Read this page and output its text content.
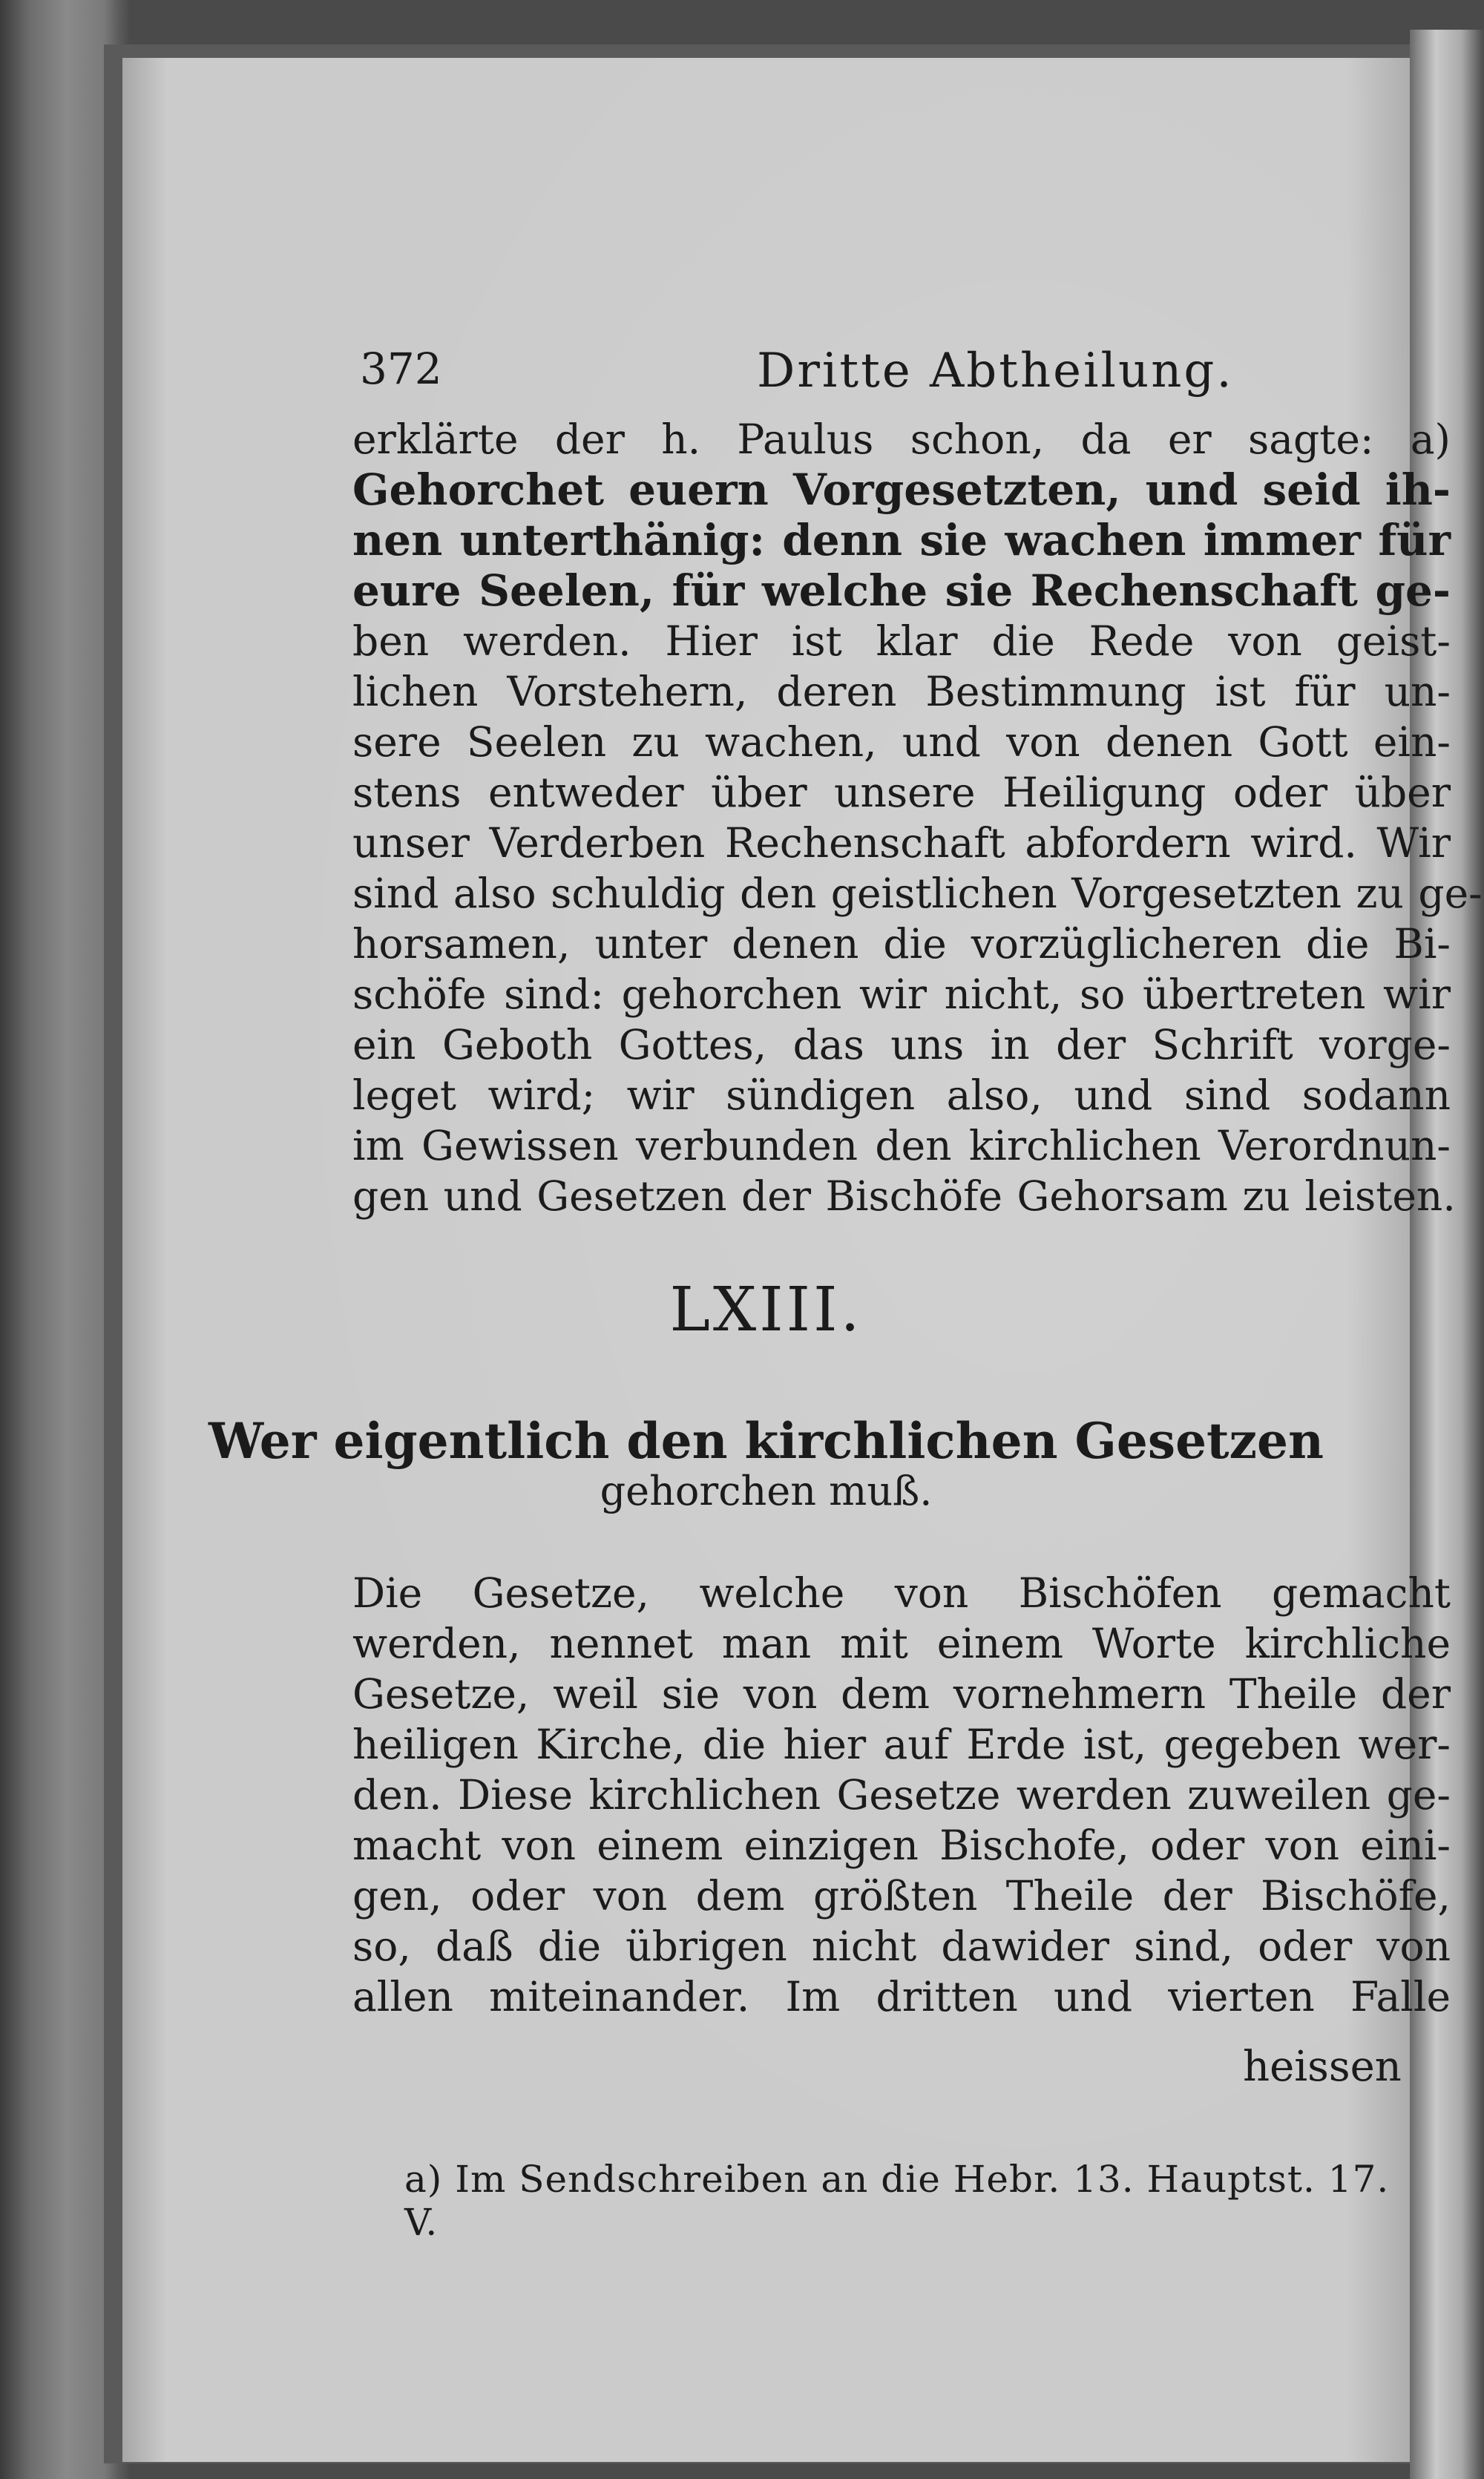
372	Dritte Abtheilung.
erklärte der h. Paulus schon, da er sagte: a)
Gehorchet euern Vorgesetzten, und seid ih-
nen unterthänig: denn sie wachen immer für
eure Seelen, für welche sie Rechenschaft ge-
ben werden. Hier ist klar die Rede von geist-
lichen Vorstehern, deren Bestimmung ist für un-
sere Seelen zu wachen, und von denen Gott ein-
stens entweder über unsere Heiligung oder über
unser Verderben Rechenschaft abfordern wird. Wir
sind also schuldig den geistlichen Vorgesetzten zu ge-
horsamen, unter denen die vorzüglicheren die Bi-
schöfe sind: gehorchen wir nicht, so übertreten wir
ein Geboth Gottes, das uns in der Schrift vorge-
leget wird; wir sündigen also, und sind sodann
im Gewissen verbunden den kirchlichen Verordnun-
gen und Gesetzen der Bischöfe Gehorsam zu leisten.
LXIII.
Wer eigentlich den kirchlichen Gesetzen
gehorchen muß.
Die Gesetze, welche von Bischöfen gemacht
werden, nennet man mit einem Worte kirchliche
Gesetze, weil sie von dem vornehmern Theile der
heiligen Kirche, die hier auf Erde ist, gegeben wer-
den. Diese kirchlichen Gesetze werden zuweilen ge-
macht von einem einzigen Bischofe, oder von eini-
gen, oder von dem größten Theile der Bischöfe,
so, daß die übrigen nicht dawider sind, oder von
allen miteinander. Im dritten und vierten Falle
heissen
a) Im Sendschreiben an die Hebr. 13. Hauptst. 17. V.
